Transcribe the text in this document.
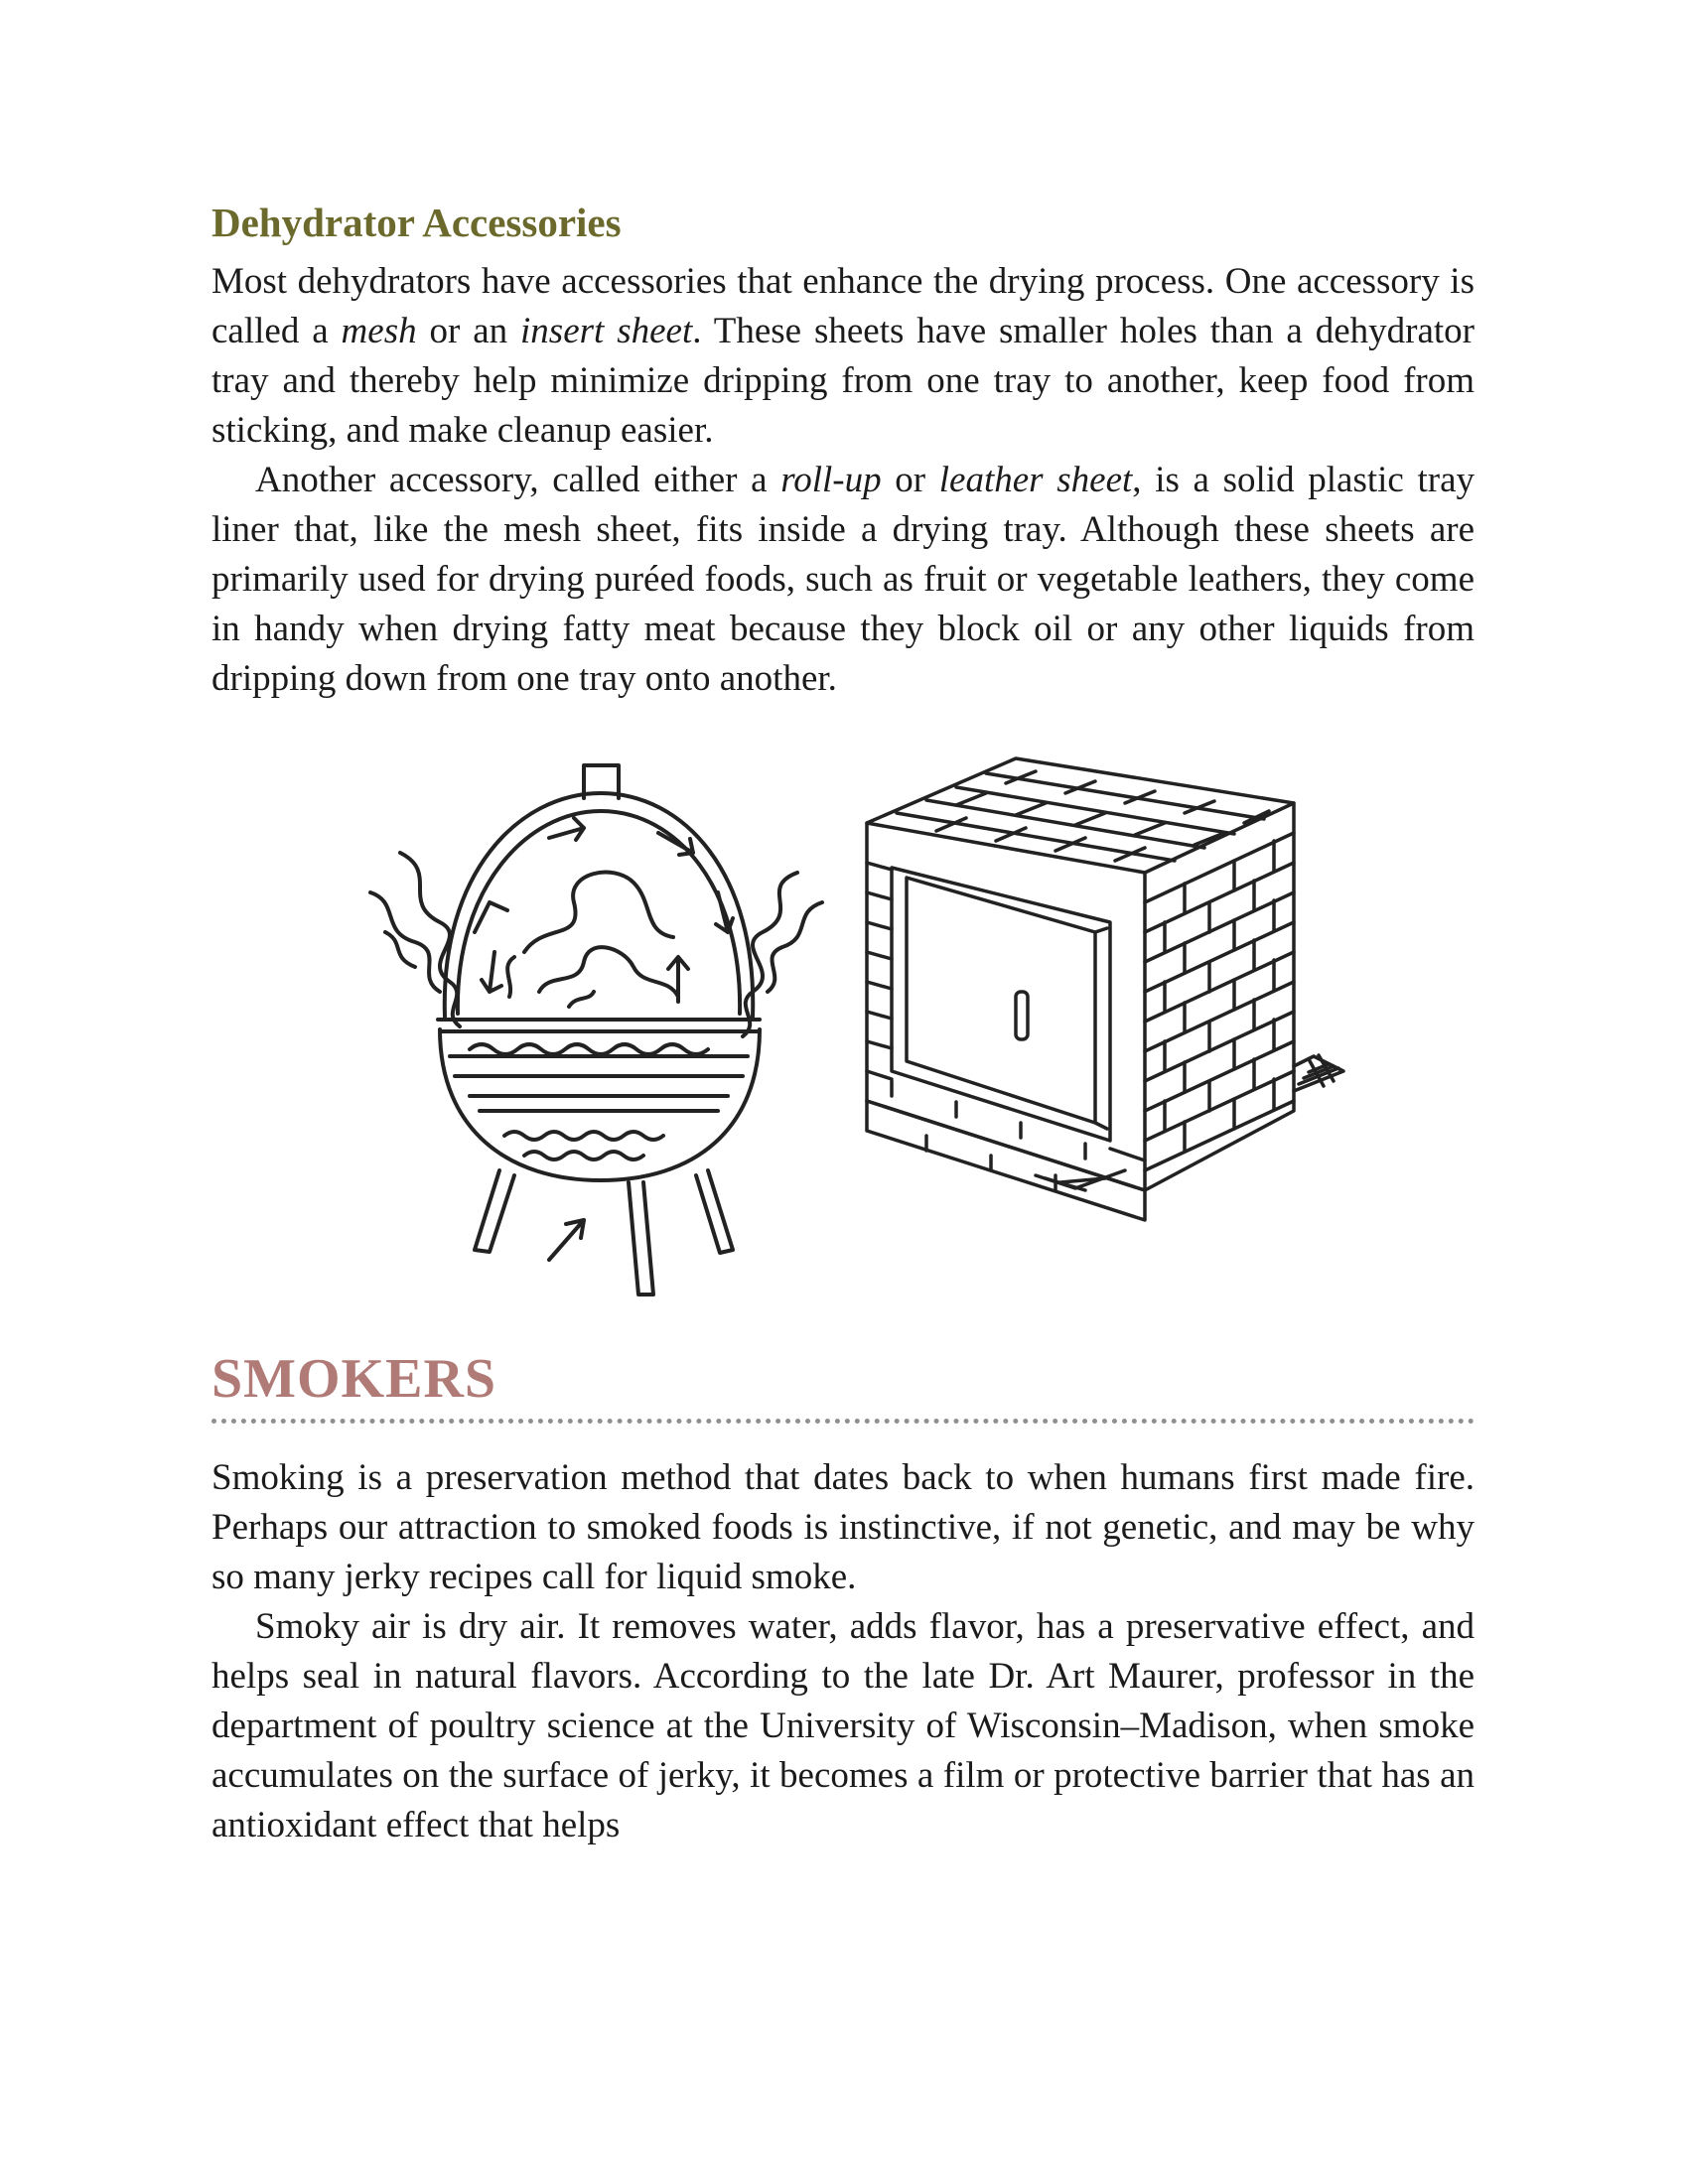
Dehydrator Accessories

Most dehydrators have accessories that enhance the drying process. One accessory is called a mesh or an insert sheet. These sheets have smaller holes than a dehydrator tray and thereby help minimize dripping from one tray to another, keep food from sticking, and make cleanup easier.

Another accessory, called either a roll-up or leather sheet, is a solid plastic tray liner that, like the mesh sheet, fits inside a drying tray. Although these sheets are primarily used for drying puréed foods, such as fruit or vegetable leathers, they come in handy when drying fatty meat because they block oil or any other liquids from dripping down from one tray onto another.

SMOKERS

Smoking is a preservation method that dates back to when humans first made fire. Perhaps our attraction to smoked foods is instinctive, if not genetic, and may be why so many jerky recipes call for liquid smoke.

Smoky air is dry air. It removes water, adds flavor, has a preservative effect, and helps seal in natural flavors. According to the late Dr. Art Maurer, professor in the department of poultry science at the University of Wisconsin–Madison, when smoke accumulates on the surface of jerky, it becomes a film or protective barrier that has an antioxidant effect that helps
